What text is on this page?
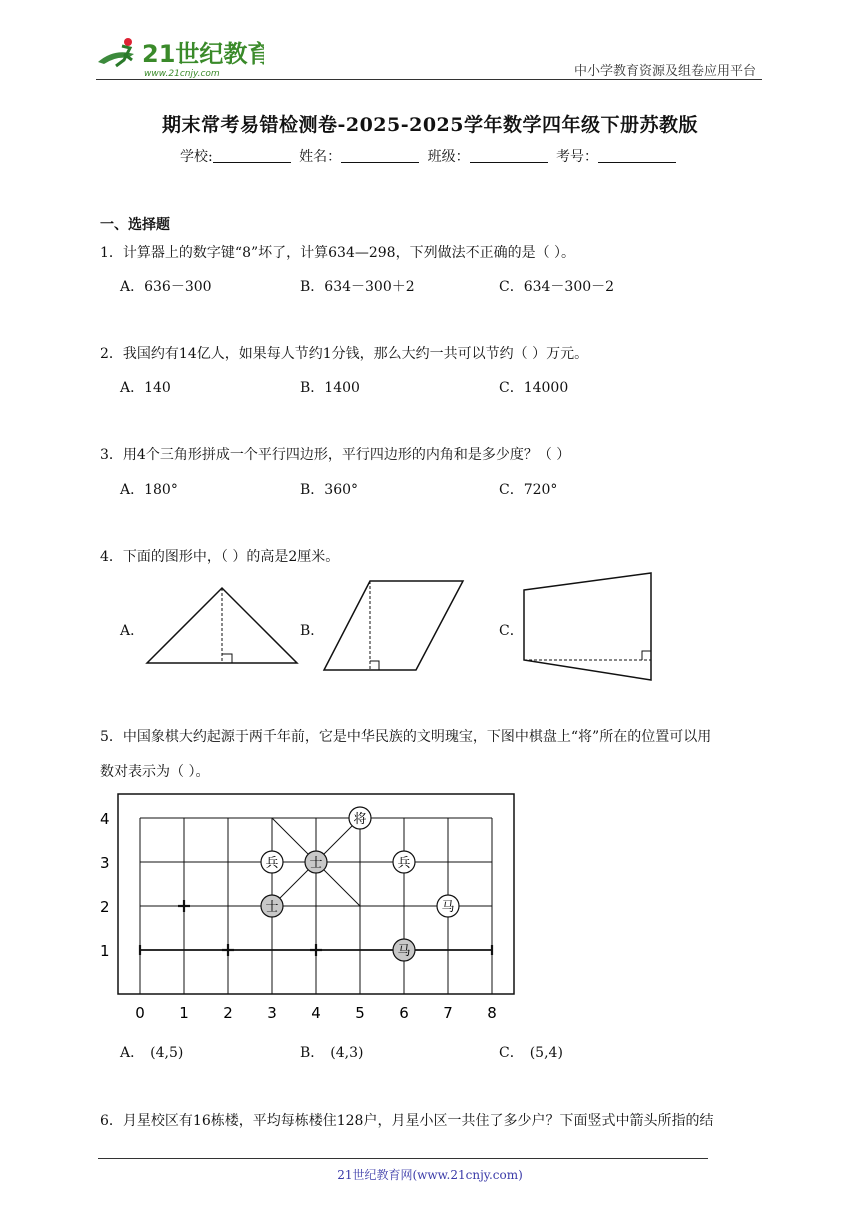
21世纪教育
www.21cnjy.com	中小学教育资源及组卷应用平台
期末常考易错检测卷-2025-2025学年数学四年级下册苏教版
学校:	姓名：	班级：	考号：
一、选择题
1．计算器上的数字键“8”坏了，计算634—298，下列做法不正确的是（ ）。
A．636－300	B．634－300＋2	C．634－300－2
2．我国约有14亿人，如果每人节约1分钱，那么大约一共可以节约（ ）万元。
A．140	B．1400	C．14000
3．用4个三角形拼成一个平行四边形，平行四边形的内角和是多少度？（ ）
A．180°	B．360°	C．720°
4．下面的图形中，（ ）的高是2厘米。
A．	B．	C．
5．中国象棋大约起源于两千年前，它是中华民族的文明瑰宝，下图中棋盘上“将”所在的位置可以用
数对表示为（ ）。
1
2
3
4
0 1 2 3 4 5 6 7 8
将
兵 士	兵
士	马
马
A． (4,5)	B． (4,3)	C． (5,4)
6．月星校区有16栋楼，平均每栋楼住128户，月星小区一共住了多少户？下面竖式中箭头所指的结
21世纪教育网(www.21cnjy.com)
